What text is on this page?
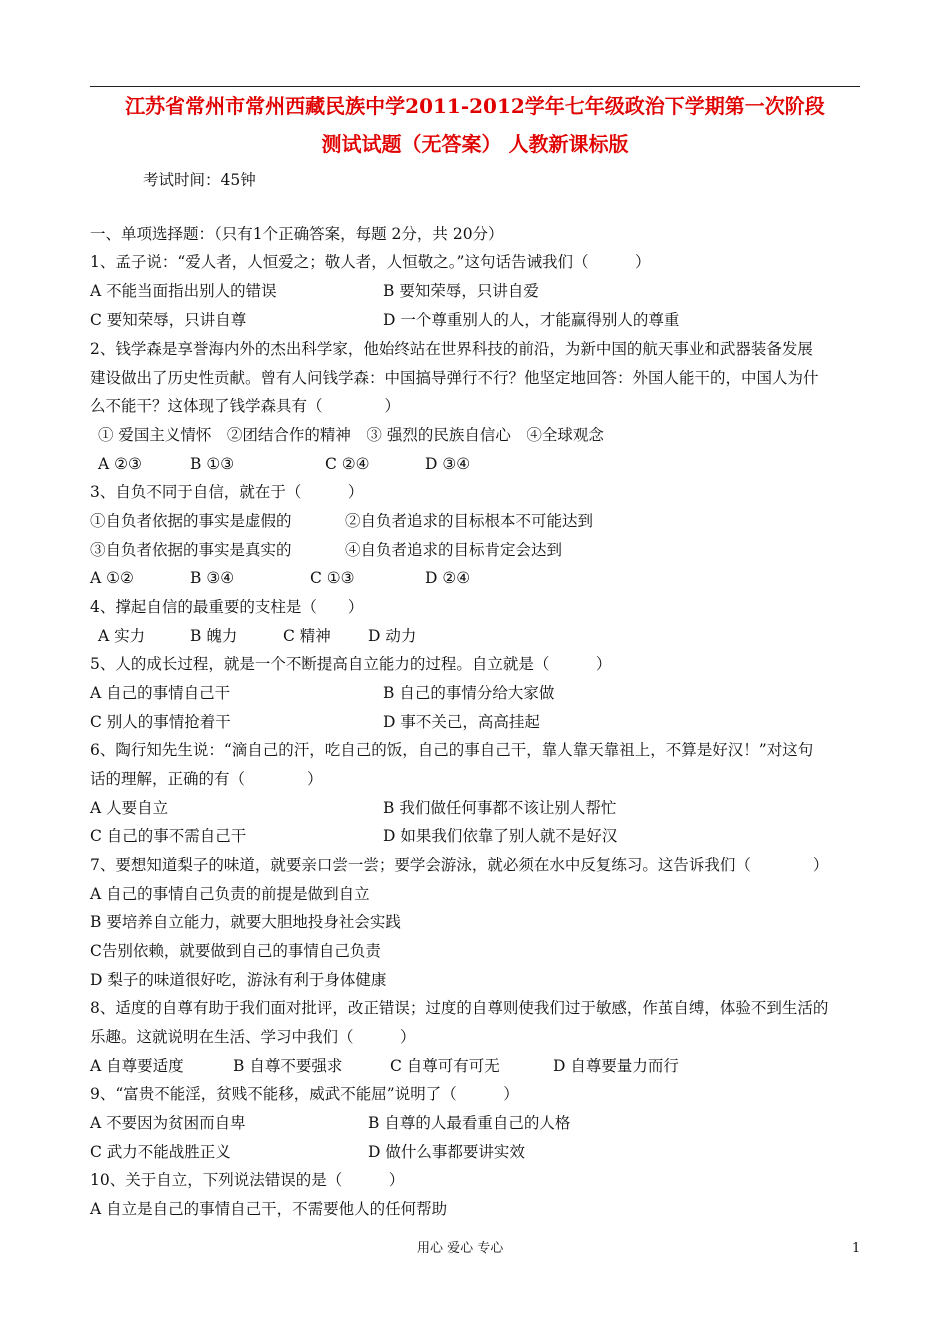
江苏省常州市常州西藏民族中学2011-2012学年七年级政治下学期第一次阶段
测试试题（无答案） 人教新课标版
考试时间：45钟
一、单项选择题：（只有1个正确答案，每题 2分，共 20分）
1、孟子说：“爱人者，人恒爱之；敬人者，人恒敬之。”这句话告诫我们（　　　）
A 不能当面指出别人的错误	B 要知荣辱，只讲自爱
C 要知荣辱，只讲自尊	D 一个尊重别人的人，才能赢得别人的尊重
2、钱学森是享誉海内外的杰出科学家，他始终站在世界科技的前沿，为新中国的航天事业和武器装备发展
建设做出了历史性贡献。曾有人问钱学森：中国搞导弹行不行？他坚定地回答：外国人能干的，中国人为什
么不能干？这体现了钱学森具有（　　　　）
① 爱国主义情怀　②团结合作的精神　③ 强烈的民族自信心　④全球观念
A ②③	B ①③	C ②④	D ③④
3、自负不同于自信，就在于（　　　）
①自负者依据的事实是虚假的	②自负者追求的目标根本不可能达到
③自负者依据的事实是真实的	④自负者追求的目标肯定会达到
A ①②	B ③④	C ①③	D ②④
4、撑起自信的最重要的支柱是（　　）
A 实力	B 魄力	C 精神 D 动力
5、人的成长过程，就是一个不断提高自立能力的过程。自立就是（　　　）
A 自己的事情自己干	B 自己的事情分给大家做
C 别人的事情抢着干	D 事不关己，高高挂起
6、陶行知先生说：“滴自己的汗，吃自己的饭，自己的事自己干，靠人靠天靠祖上，不算是好汉！”对这句
话的理解，正确的有（　　　　）
A 人要自立	B 我们做任何事都不该让别人帮忙
C 自己的事不需自己干	D 如果我们依靠了别人就不是好汉
7、要想知道梨子的味道，就要亲口尝一尝；要学会游泳，就必须在水中反复练习。这告诉我们（　　　　）
A 自己的事情自己负责的前提是做到自立
B 要培养自立能力，就要大胆地投身社会实践
C告别依赖，就要做到自己的事情自己负责
D 梨子的味道很好吃，游泳有利于身体健康
8、适度的自尊有助于我们面对批评，改正错误；过度的自尊则使我们过于敏感，作茧自缚，体验不到生活的
乐趣。这就说明在生活、学习中我们（　　　）
A 自尊要适度	B 自尊不要强求	C 自尊可有可无	D 自尊要量力而行
9、“富贵不能淫，贫贱不能移，威武不能屈”说明了（　　　）
A 不要因为贫困而自卑	B 自尊的人最看重自己的人格
C 武力不能战胜正义	D 做什么事都要讲实效
10、关于自立，下列说法错误的是（　　　）
A 自立是自己的事情自己干，不需要他人的任何帮助
用心 爱心 专心	1
